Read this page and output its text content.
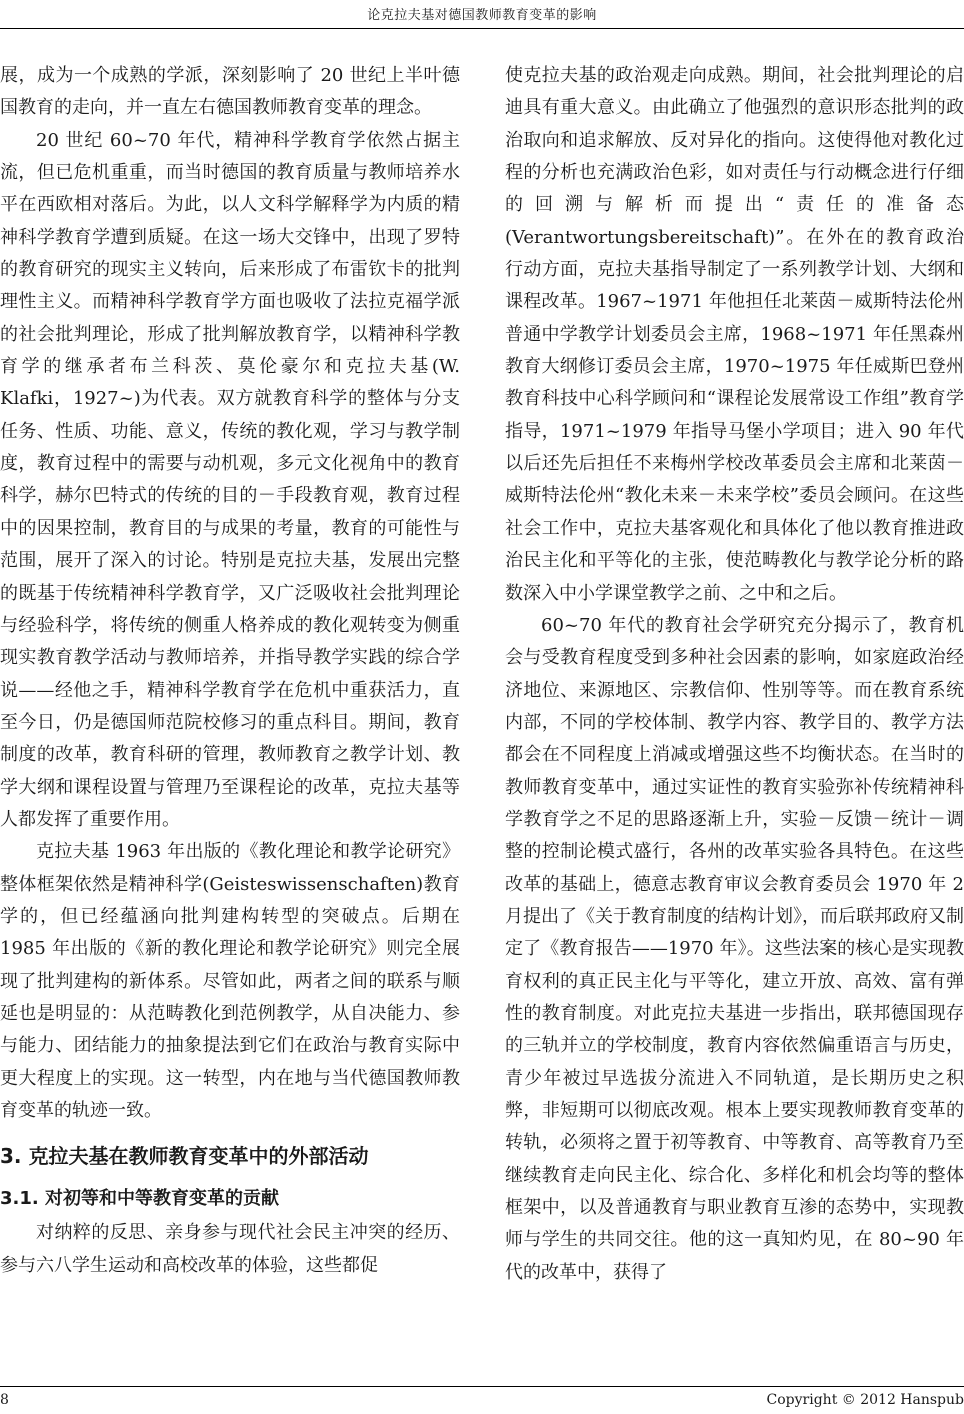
论克拉夫基对德国教师教育变革的影响

展，成为一个成熟的学派，深刻影响了 20 世纪上半叶德国教育的走向，并一直左右德国教师教育变革的理念。

20 世纪 60~70 年代，精神科学教育学依然占据主流，但已危机重重，而当时德国的教育质量与教师培养水平在西欧相对落后。为此，以人文科学解释学为内质的精神科学教育学遭到质疑。在这一场大交锋中，出现了罗特的教育研究的现实主义转向，后来形成了布雷钦卡的批判理性主义。而精神科学教育学方面也吸收了法拉克福学派的社会批判理论，形成了批判解放教育学，以精神科学教育学的继承者布兰科茨、莫伦豪尔和克拉夫基(W. Klafki，1927~)为代表。双方就教育科学的整体与分支任务、性质、功能、意义，传统的教化观，学习与教学制度，教育过程中的需要与动机观，多元文化视角中的教育科学，赫尔巴特式的传统的目的－手段教育观，教育过程中的因果控制，教育目的与成果的考量，教育的可能性与范围，展开了深入的讨论。特别是克拉夫基，发展出完整的既基于传统精神科学教育学，又广泛吸收社会批判理论与经验科学，将传统的侧重人格养成的教化观转变为侧重现实教育教学活动与教师培养，并指导教学实践的综合学说——经他之手，精神科学教育学在危机中重获活力，直至今日，仍是德国师范院校修习的重点科目。期间，教育制度的改革，教育科研的管理，教师教育之教学计划、教学大纲和课程设置与管理乃至课程论的改革，克拉夫基等人都发挥了重要作用。

克拉夫基 1963 年出版的《教化理论和教学论研究》整体框架依然是精神科学(Geisteswissenschaften)教育学的，但已经蕴涵向批判建构转型的突破点。后期在 1985 年出版的《新的教化理论和教学论研究》则完全展现了批判建构的新体系。尽管如此，两者之间的联系与顺延也是明显的：从范畴教化到范例教学，从自决能力、参与能力、团结能力的抽象提法到它们在政治与教育实际中更大程度上的实现。这一转型，内在地与当代德国教师教育变革的轨迹一致。

3. 克拉夫基在教师教育变革中的外部活动
3.1. 对初等和中等教育变革的贡献

对纳粹的反思、亲身参与现代社会民主冲突的经历、参与六八学生运动和高校改革的体验，这些都促

使克拉夫基的政治观走向成熟。期间，社会批判理论的启迪具有重大意义。由此确立了他强烈的意识形态批判的政治取向和追求解放、反对异化的指向。这使得他对教化过程的分析也充满政治色彩，如对责任与行动概念进行仔细的回溯与解析而提出“责任的准备态(Verantwortungsbereitschaft)”。在外在的教育政治行动方面，克拉夫基指导制定了一系列教学计划、大纲和课程改革。1967~1971 年他担任北莱茵－威斯特法伦州普通中学教学计划委员会主席，1968~1971 年任黑森州教育大纲修订委员会主席，1970~1975 年任威斯巴登州教育科技中心科学顾问和“课程论发展常设工作组”教育学指导，1971~1979 年指导马堡小学项目；进入 90 年代以后还先后担任不来梅州学校改革委员会主席和北莱茵－威斯特法伦州“教化未来－未来学校”委员会顾问。在这些社会工作中，克拉夫基客观化和具体化了他以教育推进政治民主化和平等化的主张，使范畴教化与教学论分析的路数深入中小学课堂教学之前、之中和之后。

60~70 年代的教育社会学研究充分揭示了，教育机会与受教育程度受到多种社会因素的影响，如家庭政治经济地位、来源地区、宗教信仰、性别等等。而在教育系统内部，不同的学校体制、教学内容、教学目的、教学方法都会在不同程度上消减或增强这些不均衡状态。在当时的教师教育变革中，通过实证性的教育实验弥补传统精神科学教育学之不足的思路逐渐上升，实验－反馈－统计－调整的控制论模式盛行，各州的改革实验各具特色。在这些改革的基础上，德意志教育审议会教育委员会 1970 年 2 月提出了《关于教育制度的结构计划》，而后联邦政府又制定了《教育报告——1970 年》。这些法案的核心是实现教育权利的真正民主化与平等化，建立开放、高效、富有弹性的教育制度。对此克拉夫基进一步指出，联邦德国现存的三轨并立的学校制度，教育内容依然偏重语言与历史，青少年被过早选拔分流进入不同轨道，是长期历史之积弊，非短期可以彻底改观。根本上要实现教师教育变革的转轨，必须将之置于初等教育、中等教育、高等教育乃至继续教育走向民主化、综合化、多样化和机会均等的整体框架中，以及普通教育与职业教育互渗的态势中，实现教师与学生的共同交往。他的这一真知灼见，在 80~90 年代的改革中，获得了

8	Copyright © 2012 Hanspub
